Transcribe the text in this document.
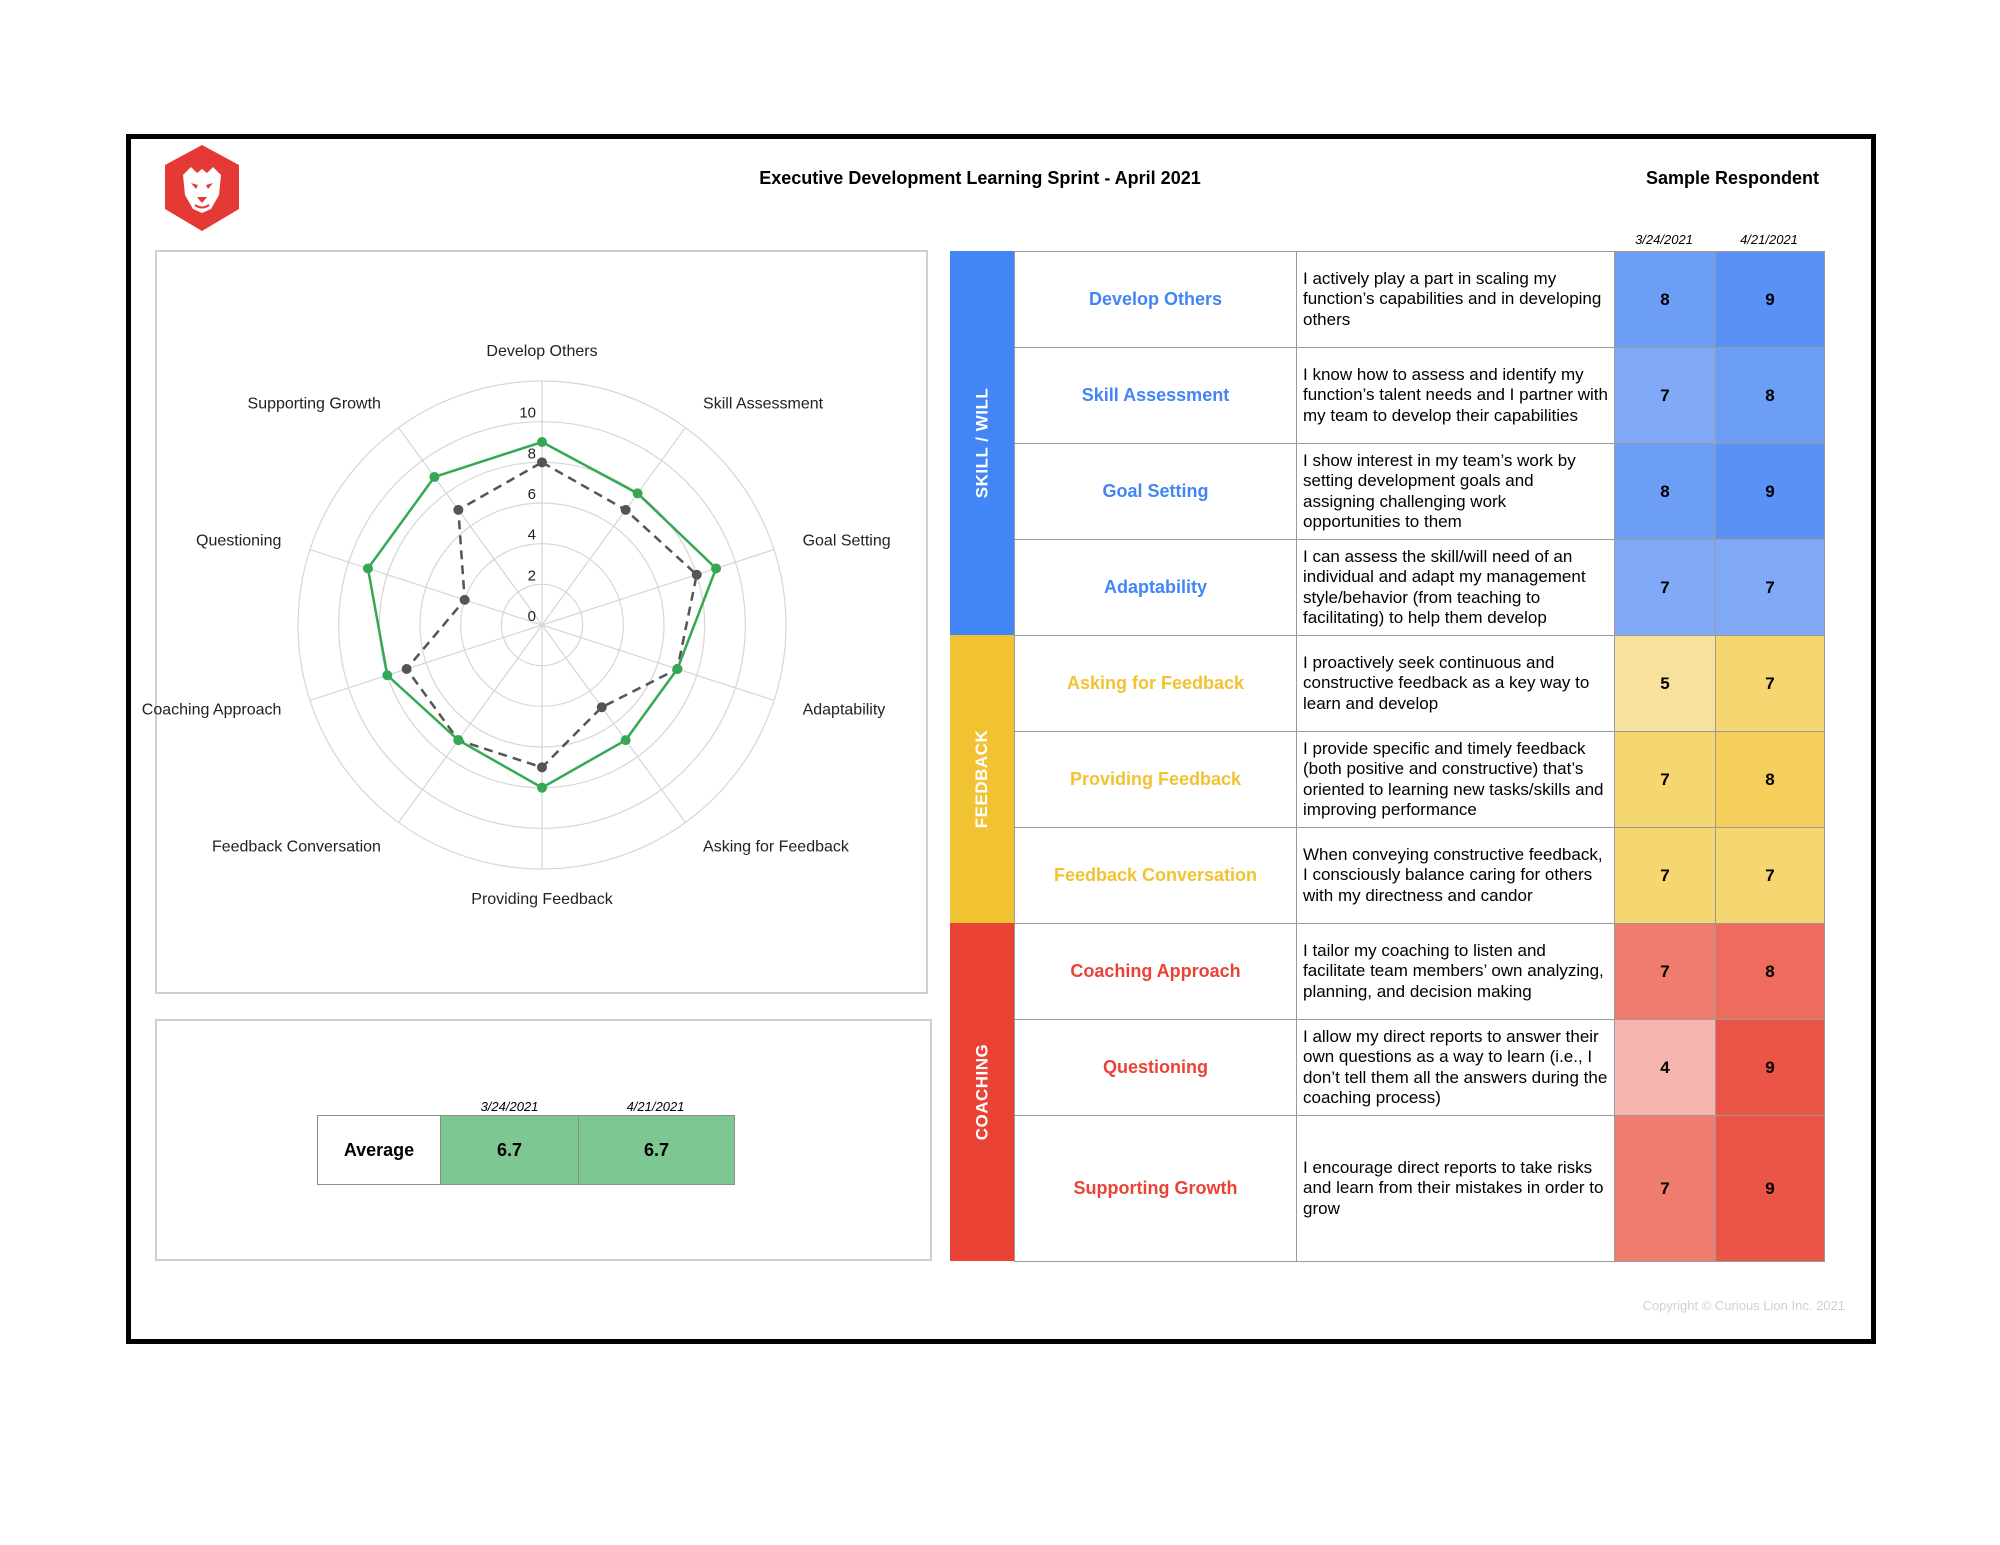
Executive Development Learning Sprint - April 2021	Sample Respondent
0
2
4
6
8
10
Develop Others
Skill Assessment
Goal Setting
Adaptability
Asking for Feedback
Providing Feedback
Feedback Conversation
Coaching Approach
Questioning
Supporting Growth
3/24/2021	4/21/2021
Average	6.7	6.7
3/24/2021	4/21/2021
SKILL / WILL
FEEDBACK
COACHING
Develop Others	I actively play a part in scaling my function’s capabilities and in developing others	8	9
Skill Assessment	I know how to assess and identify my function’s talent needs and I partner with my team to develop their capabilities	7	8
Goal Setting	I show interest in my team’s work by setting development goals and assigning challenging work opportunities to them	8	9
Adaptability	I can assess the skill/will need of an individual and adapt my management style/behavior (from teaching to facilitating) to help them develop	7	7
Asking for Feedback	I proactively seek continuous and constructive feedback as a key way to learn and develop	5	7
Providing Feedback	I provide specific and timely feedback (both positive and constructive) that’s oriented to learning new tasks/skills and improving performance	7	8
Feedback Conversation	When conveying constructive feedback, I consciously balance caring for others with my directness and candor	7	7
Coaching Approach	I tailor my coaching to listen and facilitate team members’ own analyzing, planning, and decision making	7	8
Questioning	I allow my direct reports to answer their own questions as a way to learn (i.e., I don’t tell them all the answers during the coaching process)	4	9
Supporting Growth	I encourage direct reports to take risks and learn from their mistakes in order to grow	7	9
Copyright © Curious Lion Inc. 2021
